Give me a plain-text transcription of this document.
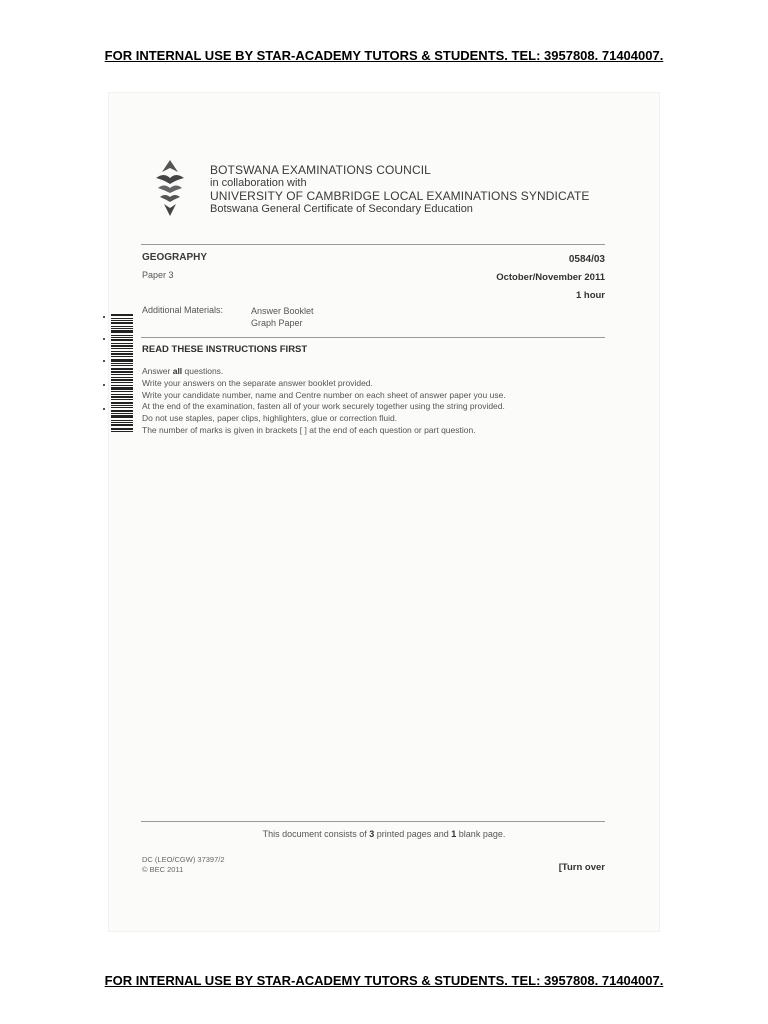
FOR INTERNAL USE BY STAR-ACADEMY TUTORS & STUDENTS. TEL: 3957808. 71404007.
BOTSWANA EXAMINATIONS COUNCIL
in collaboration with
UNIVERSITY OF CAMBRIDGE LOCAL EXAMINATIONS SYNDICATE
Botswana General Certificate of Secondary Education
GEOGRAPHY
Paper 3
0584/03
October/November 2011
1 hour
Additional Materials:	Answer Booklet
Graph Paper
READ THESE INSTRUCTIONS FIRST
Answer all questions.
Write your answers on the separate answer booklet provided.
Write your candidate number, name and Centre number on each sheet of answer paper you use.
At the end of the examination, fasten all of your work securely together using the string provided.
Do not use staples, paper clips, highlighters, glue or correction fluid.
The number of marks is given in brackets [ ] at the end of each question or part question.
This document consists of 3 printed pages and 1 blank page.
DC (LEO/CGW) 37397/2
© BEC 2011	[Turn over
FOR INTERNAL USE BY STAR-ACADEMY TUTORS & STUDENTS. TEL: 3957808. 71404007.
